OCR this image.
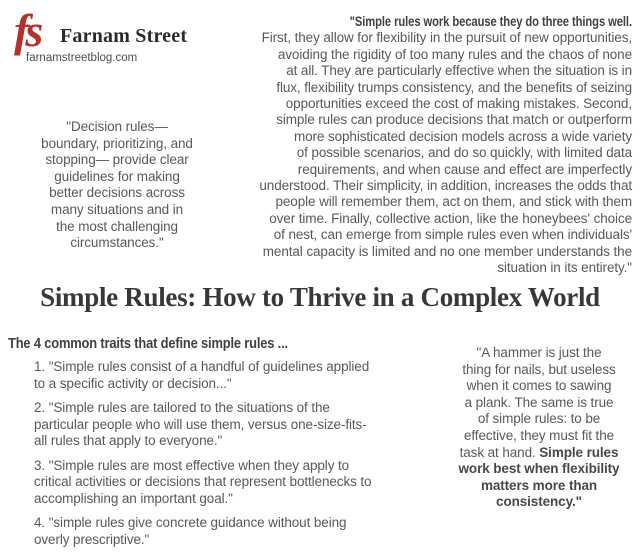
fs Farnam Street
farnamstreetblog.com
"Simple rules work because they do three things well.
First, they allow for flexibility in the pursuit of new opportunities,
avoiding the rigidity of too many rules and the chaos of none
at all. They are particularly effective when the situation is in
flux, flexibility trumps consistency, and the benefits of seizing
opportunities exceed the cost of making mistakes. Second,
simple rules can produce decisions that match or outperform
more sophisticated decision models across a wide variety
of possible scenarios, and do so quickly, with limited data
requirements, and when cause and effect are imperfectly
understood. Their simplicity, in addition, increases the odds that
people will remember them, act on them, and stick with them
over time. Finally, collective action, like the honeybees' choice
of nest, can emerge from simple rules even when individuals'
mental capacity is limited and no one member understands the
situation in its entirety."
"Decision rules—
boundary, prioritizing, and
stopping— provide clear
guidelines for making
better decisions across
many situations and in
the most challenging
circumstances."
Simple Rules: How to Thrive in a Complex World
The 4 common traits that define simple rules ...
1. "Simple rules consist of a handful of guidelines applied
to a specific activity or decision..."
2. "Simple rules are tailored to the situations of the
particular people who will use them, versus one-size-fits-
all rules that apply to everyone."
3. "Simple rules are most effective when they apply to
critical activities or decisions that represent bottlenecks to
accomplishing an important goal."
4. "simple rules give concrete guidance without being
overly prescriptive."
"A hammer is just the
thing for nails, but useless
when it comes to sawing
a plank. The same is true
of simple rules: to be
effective, they must fit the
task at hand. Simple rules
work best when flexibility
matters more than
consistency."
